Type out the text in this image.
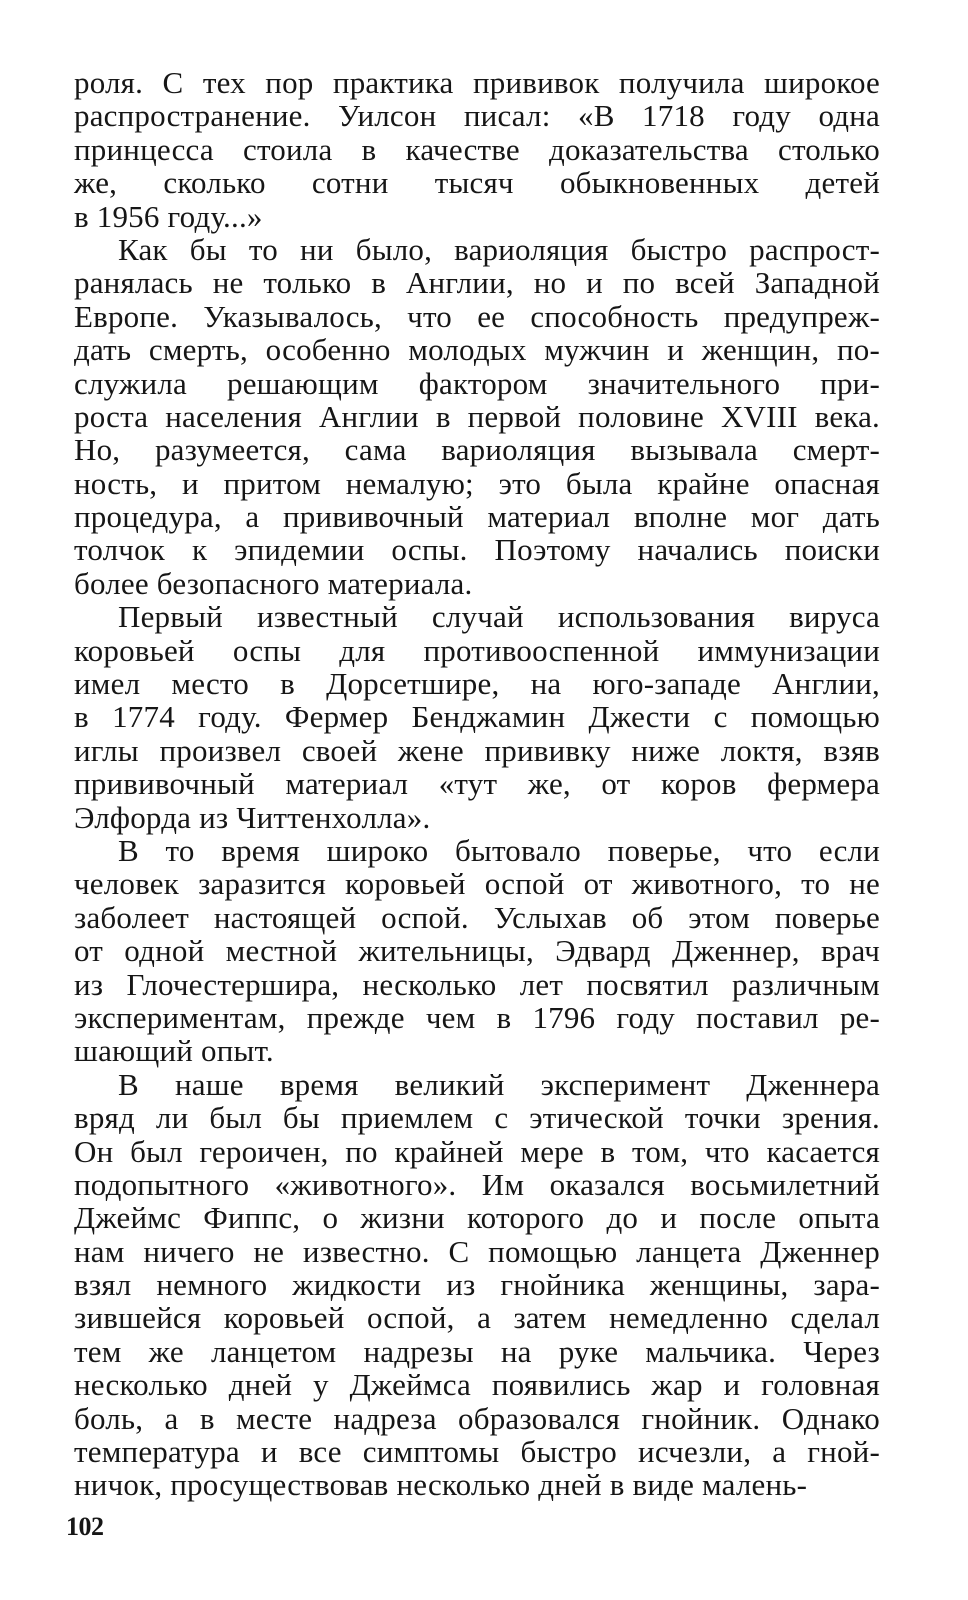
роля. С тех пор практика прививок получила широкое
распространение. Уилсон писал: «В 1718 году одна
принцесса стоила в качестве доказательства столько
же, сколько сотни тысяч обыкновенных детей
в 1956 году...»
Как бы то ни было, вариоляция быстро распрост-
ранялась не только в Англии, но и по всей Западной
Европе. Указывалось, что ее способность предупреж-
дать смерть, особенно молодых мужчин и женщин, по-
служила решающим фактором значительного при-
роста населения Англии в первой половине XVIII века.
Но, разумеется, сама вариоляция вызывала смерт-
ность, и притом немалую; это была крайне опасная
процедура, а прививочный материал вполне мог дать
толчок к эпидемии оспы. Поэтому начались поиски
более безопасного материала.
Первый известный случай использования вируса
коровьей оспы для противооспенной иммунизации
имел место в Дорсетшире, на юго-западе Англии,
в 1774 году. Фермер Бенджамин Джести с помощью
иглы произвел своей жене прививку ниже локтя, взяв
прививочный материал «тут же, от коров фермера
Элфорда из Читтенхолла».
В то время широко бытовало поверье, что если
человек заразится коровьей оспой от животного, то не
заболеет настоящей оспой. Услыхав об этом поверье
от одной местной жительницы, Эдвард Дженнер, врач
из Глочестершира, несколько лет посвятил различным
экспериментам, прежде чем в 1796 году поставил ре-
шающий опыт.
В наше время великий эксперимент Дженнера
вряд ли был бы приемлем с этической точки зрения.
Он был героичен, по крайней мере в том, что касается
подопытного «животного». Им оказался восьмилетний
Джеймс Фиппс, о жизни которого до и после опыта
нам ничего не известно. С помощью ланцета Дженнер
взял немного жидкости из гнойника женщины, зара-
зившейся коровьей оспой, а затем немедленно сделал
тем же ланцетом надрезы на руке мальчика. Через
несколько дней у Джеймса появились жар и головная
боль, а в месте надреза образовался гнойник. Однако
температура и все симптомы быстро исчезли, а гной-
ничок, просуществовав несколько дней в виде малень-
102
